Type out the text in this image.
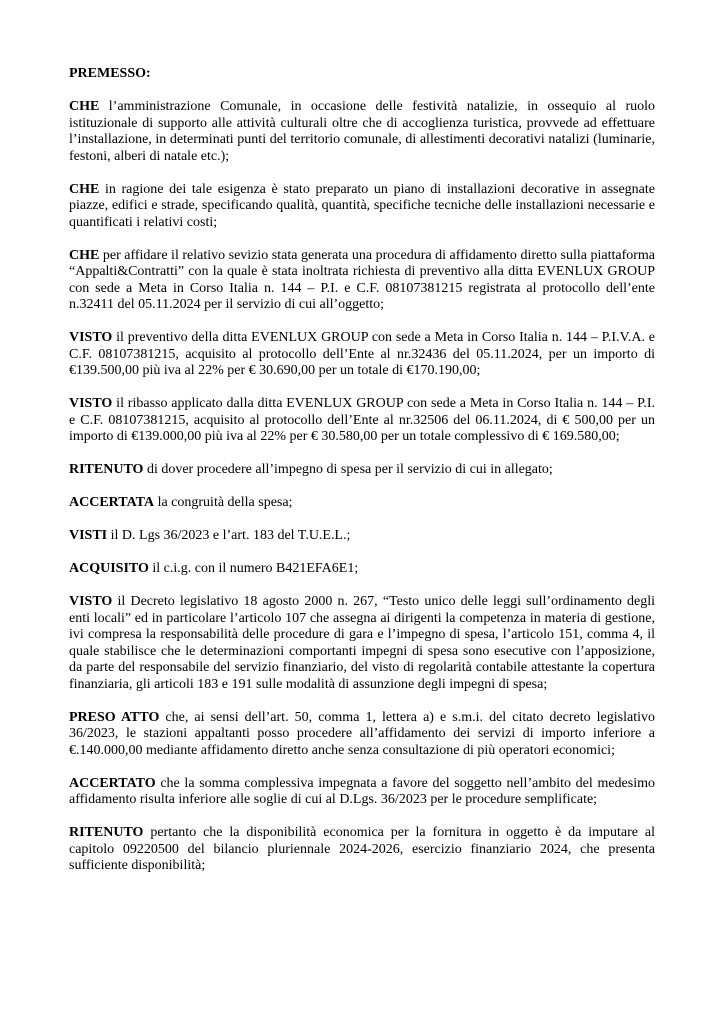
PREMESSO:

CHE l’amministrazione Comunale, in occasione delle festività natalizie, in ossequio al ruolo istituzionale di supporto alle attività culturali oltre che di accoglienza turistica, provvede ad effettuare l’installazione, in determinati punti del territorio comunale, di allestimenti decorativi natalizi (luminarie, festoni, alberi di natale etc.);

CHE in ragione dei tale esigenza è stato preparato un piano di installazioni decorative in assegnate piazze, edifici e strade, specificando qualità, quantità, specifiche tecniche delle installazioni necessarie e quantificati i relativi costi;

CHE per affidare il relativo sevizio stata generata una procedura di affidamento diretto sulla piattaforma “Appalti&Contratti” con la quale è stata inoltrata richiesta di preventivo alla ditta EVENLUX GROUP con sede a Meta in Corso Italia n. 144 – P.I. e C.F. 08107381215 registrata al protocollo dell’ente n.32411 del 05.11.2024 per il servizio di cui all’oggetto;

VISTO il preventivo della ditta EVENLUX GROUP con sede a Meta in Corso Italia n. 144 – P.I.V.A. e C.F. 08107381215, acquisito al protocollo dell’Ente al nr.32436 del 05.11.2024, per un importo di €139.500,00 più iva al 22% per € 30.690,00 per un totale di €170.190,00;

VISTO il ribasso applicato dalla ditta EVENLUX GROUP con sede a Meta in Corso Italia n. 144 – P.I. e C.F. 08107381215, acquisito al protocollo dell’Ente al nr.32506 del 06.11.2024, di € 500,00 per un importo di €139.000,00 più iva al 22% per € 30.580,00 per un totale complessivo di € 169.580,00;

RITENUTO di dover procedere all’impegno di spesa per il servizio di cui in allegato;

ACCERTATA la congruità della spesa;

VISTI il D. Lgs 36/2023 e l’art. 183 del T.U.E.L.;

ACQUISITO il c.i.g. con il numero B421EFA6E1;

VISTO il Decreto legislativo 18 agosto 2000 n. 267, “Testo unico delle leggi sull’ordinamento degli enti locali” ed in particolare l’articolo 107 che assegna ai dirigenti la competenza in materia di gestione, ivi compresa la responsabilità delle procedure di gara e l’impegno di spesa, l’articolo 151, comma 4, il quale stabilisce che le determinazioni comportanti impegni di spesa sono esecutive con l’apposizione, da parte del responsabile del servizio finanziario, del visto di regolarità contabile attestante la copertura finanziaria, gli articoli 183 e 191 sulle modalità di assunzione degli impegni di spesa;

PRESO ATTO che, ai sensi dell’art. 50, comma 1, lettera a) e s.m.i. del citato decreto legislativo 36/2023, le stazioni appaltanti posso procedere all’affidamento dei servizi di importo inferiore a €.140.000,00 mediante affidamento diretto anche senza consultazione di più operatori economici;

ACCERTATO che la somma complessiva impegnata a favore del soggetto nell’ambito del medesimo affidamento risulta inferiore alle soglie di cui al D.Lgs. 36/2023 per le procedure semplificate;

RITENUTO pertanto che la disponibilità economica per la fornitura in oggetto è da imputare al capitolo 09220500 del bilancio pluriennale 2024-2026, esercizio finanziario 2024, che presenta sufficiente disponibilità;
